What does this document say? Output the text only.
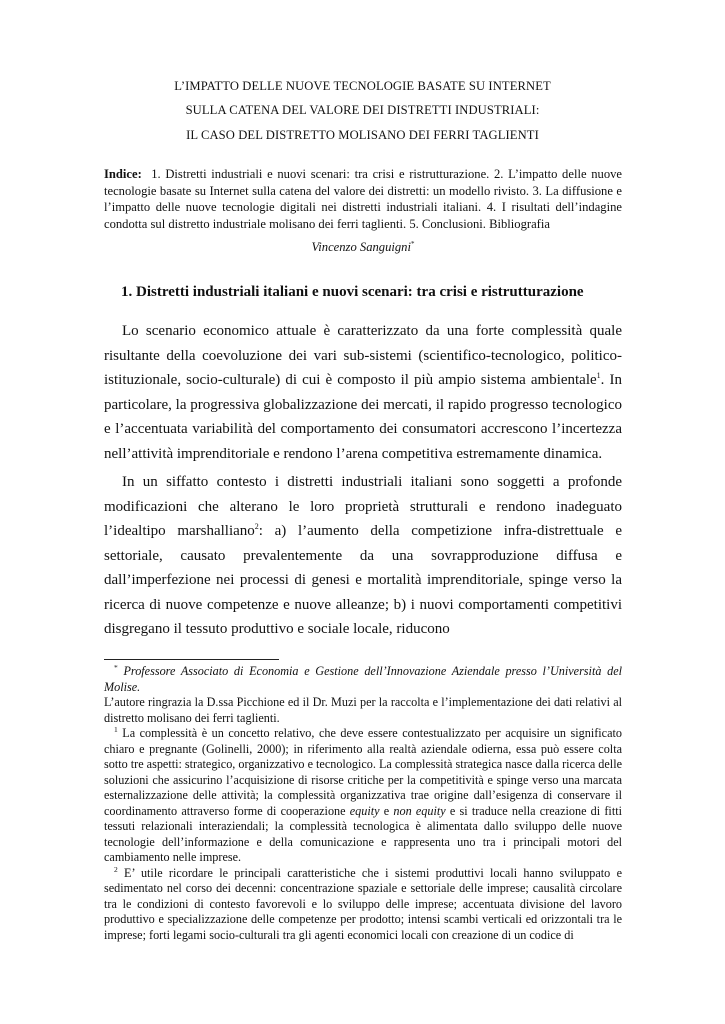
L’IMPATTO DELLE NUOVE TECNOLOGIE BASATE SU INTERNET
SULLA CATENA DEL VALORE DEI DISTRETTI INDUSTRIALI:
IL CASO DEL DISTRETTO MOLISANO DEI FERRI TAGLIENTI
Indice: 1. Distretti industriali e nuovi scenari: tra crisi e ristrutturazione. 2. L’impatto delle nuove tecnologie basate su Internet sulla catena del valore dei distretti: un modello rivisto. 3. La diffusione e l’impatto delle nuove tecnologie digitali nei distretti industriali italiani. 4. I risultati dell’indagine condotta sul distretto industriale molisano dei ferri taglienti. 5. Conclusioni. Bibliografia
Vincenzo Sanguigni*
1. Distretti industriali italiani e nuovi scenari: tra crisi e ristrutturazione

Lo scenario economico attuale è caratterizzato da una forte complessità quale risultante della coevoluzione dei vari sub-sistemi (scientifico-tecnologico, politico-istituzionale, socio-culturale) di cui è composto il più ampio sistema ambientale$^1$. In particolare, la progressiva globalizzazione dei mercati, il rapido progresso tecnologico e l’accentuata variabilità del comportamento dei consumatori accrescono l’incertezza nell’attività imprenditoriale e rendono l’arena competitiva estremamente dinamica.

In un siffatto contesto i distretti industriali italiani sono soggetti a profonde modificazioni che alterano le loro proprietà strutturali e rendono inadeguato l’idealtipo marshalliano$^2$: a) l’aumento della competizione infra-distrettuale e settoriale, causato prevalentemente da una sovrapproduzione diffusa e dall’imperfezione nei processi di genesi e mortalità imprenditoriale, spinge verso la ricerca di nuove competenze e nuove alleanze; b) i nuovi comportamenti competitivi disgregano il tessuto produttivo e sociale locale, riducono

* Professore Associato di Economia e Gestione dell’Innovazione Aziendale presso l’Università del Molise.

L’autore ringrazia la D.ssa Picchione ed il Dr. Muzi per la raccolta e l’implementazione dei dati relativi al distretto molisano dei ferri taglienti.

$^1$ La complessità è un concetto relativo, che deve essere contestualizzato per acquisire un significato chiaro e pregnante (Golinelli, 2000); in riferimento alla realtà aziendale odierna, essa può essere colta sotto tre aspetti: strategico, organizzativo e tecnologico. La complessità strategica nasce dalla ricerca delle soluzioni che assicurino l’acquisizione di risorse critiche per la competitività e spinge verso una marcata esternalizzazione delle attività; la complessità organizzativa trae origine dall’esigenza di conservare il coordinamento attraverso forme di cooperazione equity e non equity e si traduce nella creazione di fitti tessuti relazionali interaziendali; la complessità tecnologica è alimentata dallo sviluppo delle nuove tecnologie dell’informazione e della comunicazione e rappresenta uno tra i principali motori del cambiamento nelle imprese.

$^2$ E’ utile ricordare le principali caratteristiche che i sistemi produttivi locali hanno sviluppato e sedimentato nel corso dei decenni: concentrazione spaziale e settoriale delle imprese; causalità circolare tra le condizioni di contesto favorevoli e lo sviluppo delle imprese; accentuata divisione del lavoro produttivo e specializzazione delle competenze per prodotto; intensi scambi verticali ed orizzontali tra le imprese; forti legami socio-culturali tra gli agenti economici locali con creazione di un codice di
